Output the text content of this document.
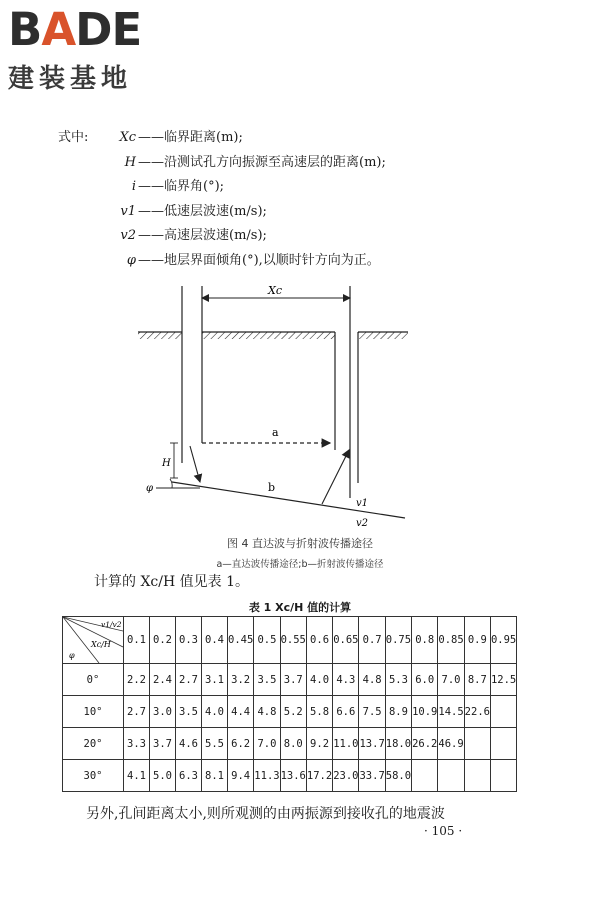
BADE
建装基地
式中: Xc ——临界距离(m);
H ——沿测试孔方向振源至高速层的距离(m);
i ——临界角(°);
v1 ——低速层波速(m/s);
v2 ——高速层波速(m/s);
φ ——地层界面倾角(°),以顺时针方向为正。
Xc
a
b
H
φ
v1
v2
图 4 直达波与折射波传播途径
a—直达波传播途径;b—折射波传播途径
计算的 Xc/H 值见表 1。
表 1 Xc/H 值的计算
v1/v2
Xc/H
φ	0.1	0.2	0.3	0.4	0.45	0.5	0.55	0.6	0.65	0.7	0.75	0.8	0.85	0.9	0.95
0°	2.2	2.4	2.7	3.1	3.2	3.5	3.7	4.0	4.3	4.8	5.3	6.0	7.0	8.7	12.5
10°	2.7	3.0	3.5	4.0	4.4	4.8	5.2	5.8	6.6	7.5	8.9	10.9	14.5	22.6	
20°	3.3	3.7	4.6	5.5	6.2	7.0	8.0	9.2	11.0	13.7	18.0	26.2	46.9		
30°	4.1	5.0	6.3	8.1	9.4	11.3	13.6	17.2	23.0	33.7	58.0				
另外,孔间距离太小,则所观测的由两振源到接收孔的地震波
· 105 ·
